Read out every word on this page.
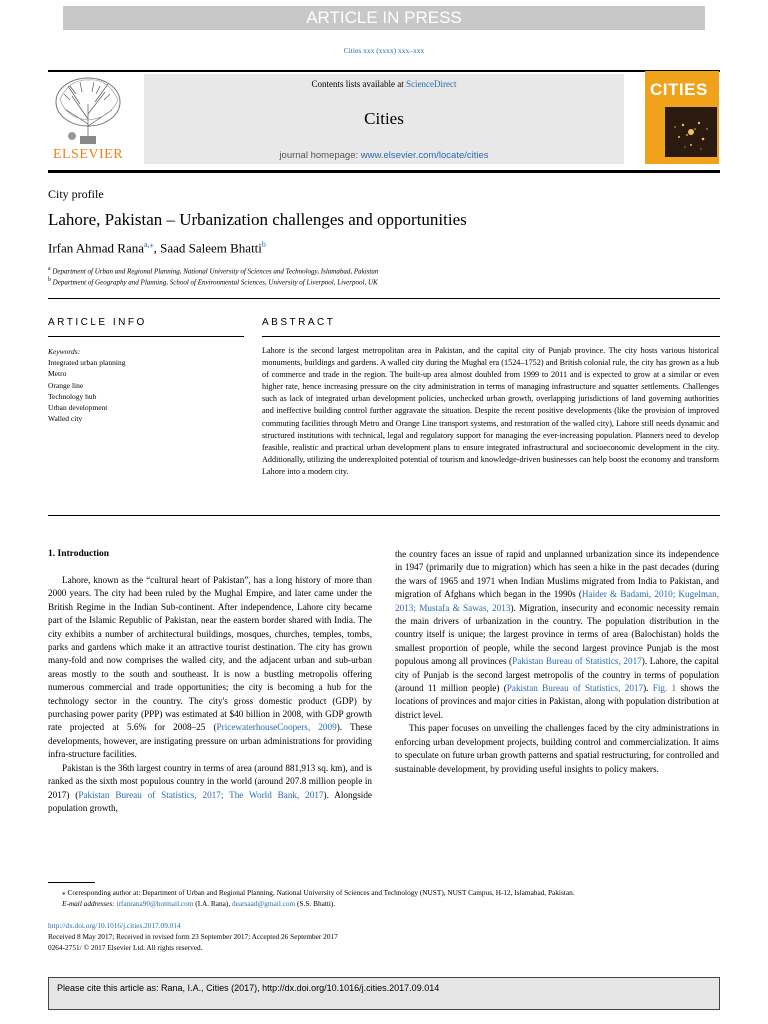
ARTICLE IN PRESS
Cities xxx (xxxx) xxx–xxx
ELSEVIER
Contents lists available at ScienceDirect
Cities
journal homepage: www.elsevier.com/locate/cities
CITIES
City profile
Lahore, Pakistan – Urbanization challenges and opportunities
Irfan Ahmad Rana$^{a,⁎}$, Saad Saleem Bhatti$^b$
$^a$ Department of Urban and Regional Planning, National University of Sciences and Technology, Islamabad, Pakistan
$^b$ Department of Geography and Planning, School of Environmental Sciences, University of Liverpool, Liverpool, UK
ARTICLE INFO	ABSTRACT
Keywords:
Integrated urban planning
Metro
Orange line
Technology hub
Urban development
Walled city
Lahore is the second largest metropolitan area in Pakistan, and the capital city of Punjab province. The city hosts various historical monuments, buildings and gardens. A walled city during the Mughal era (1524–1752) and British colonial rule, the city has grown as a hub of commerce and trade in the region. The built-up area almost doubled from 1999 to 2011 and is expected to grow at a similar or even higher rate, hence increasing pressure on the city administration in terms of managing infrastructure and squatter settlements. Challenges such as lack of integrated urban development policies, unchecked urban growth, overlapping jurisdictions of land governing authorities and ineffective building control further aggravate the situation. Despite the recent positive developments (like the provision of improved commuting facilities through Metro and Orange Line transport systems, and restoration of the walled city), Lahore still needs dynamic and structured institutions with technical, legal and regulatory support for managing the ever-increasing population. Planners need to develop feasible, realistic and practical urban development plans to ensure integrated infrastructural and socioeconomic development in the city. Additionally, utilizing the underexploited potential of tourism and knowledge-driven businesses can help boost the economy and transform Lahore into a modern city.
1. Introduction

Lahore, known as the “cultural heart of Pakistan”, has a long history of more than 2000 years. The city had been ruled by the Mughal Empire, and later came under the British Regime in the Indian Sub-continent. After independence, Lahore city became part of the Islamic Republic of Pakistan, near the eastern border shared with India. The city exhibits a number of architectural buildings, mosques, churches, temples, tombs, parks and gardens which make it an attractive tourist destination. The city has grown many-fold and now comprises the walled city, and the adjacent urban and sub-urban areas mostly to the south and southeast. It is now a bustling metropolis offering numerous commercial and trade opportunities; the city is becoming a hub for the technology sector in the country. The city's gross domestic product (GDP) by purchasing power parity (PPP) was estimated at $40 billion in 2008, with GDP growth rate projected at 5.6% for 2008–25 (PricewaterhouseCoopers, 2009). These developments, however, are instigating pressure on urban administrations for providing infra-structure facilities.

Pakistan is the 36th largest country in terms of area (around 881,913 sq. km), and is ranked as the sixth most populous country in the world (around 207.8 million people in 2017) (Pakistan Bureau of Statistics, 2017; The World Bank, 2017). Alongside population growth,

the country faces an issue of rapid and unplanned urbanization since its independence in 1947 (primarily due to migration) which has seen a hike in the past decades (during the wars of 1965 and 1971 when Indian Muslims migrated from India to Pakistan, and migration of Afghans which began in the 1990s (Haider & Badami, 2010; Kugelman, 2013; Mustafa & Sawas, 2013). Migration, insecurity and economic necessity remain the main drivers of urbanization in the country. The population distribution in the country itself is unique; the largest province in terms of area (Balochistan) holds the smallest proportion of people, while the second largest province Punjab is the most populous among all provinces (Pakistan Bureau of Statistics, 2017). Lahore, the capital city of Punjab is the second largest metropolis of the country in terms of population (around 11 million people) (Pakistan Bureau of Statistics, 2017). Fig. 1 shows the locations of provinces and major cities in Pakistan, along with population distribution at district level.

This paper focuses on unveiling the challenges faced by the city administrations in enforcing urban development projects, building control and commercialization. It aims to speculate on future urban growth patterns and spatial restructuring, for controlled and sustainable development, by providing useful insights to policy makers.

⁎ Corresponding author at: Department of Urban and Regional Planning, National University of Sciences and Technology (NUST), NUST Campus, H-12, Islamabad, Pakistan.
E-mail addresses: irfanrana90@hotmail.com (I.A. Rana), dearsaad@gmail.com (S.S. Bhatti).
http://dx.doi.org/10.1016/j.cities.2017.09.014
Received 8 May 2017; Received in revised form 23 September 2017; Accepted 26 September 2017
0264-2751/ © 2017 Elsevier Ltd. All rights reserved.
Please cite this article as: Rana, I.A., Cities (2017), http://dx.doi.org/10.1016/j.cities.2017.09.014
